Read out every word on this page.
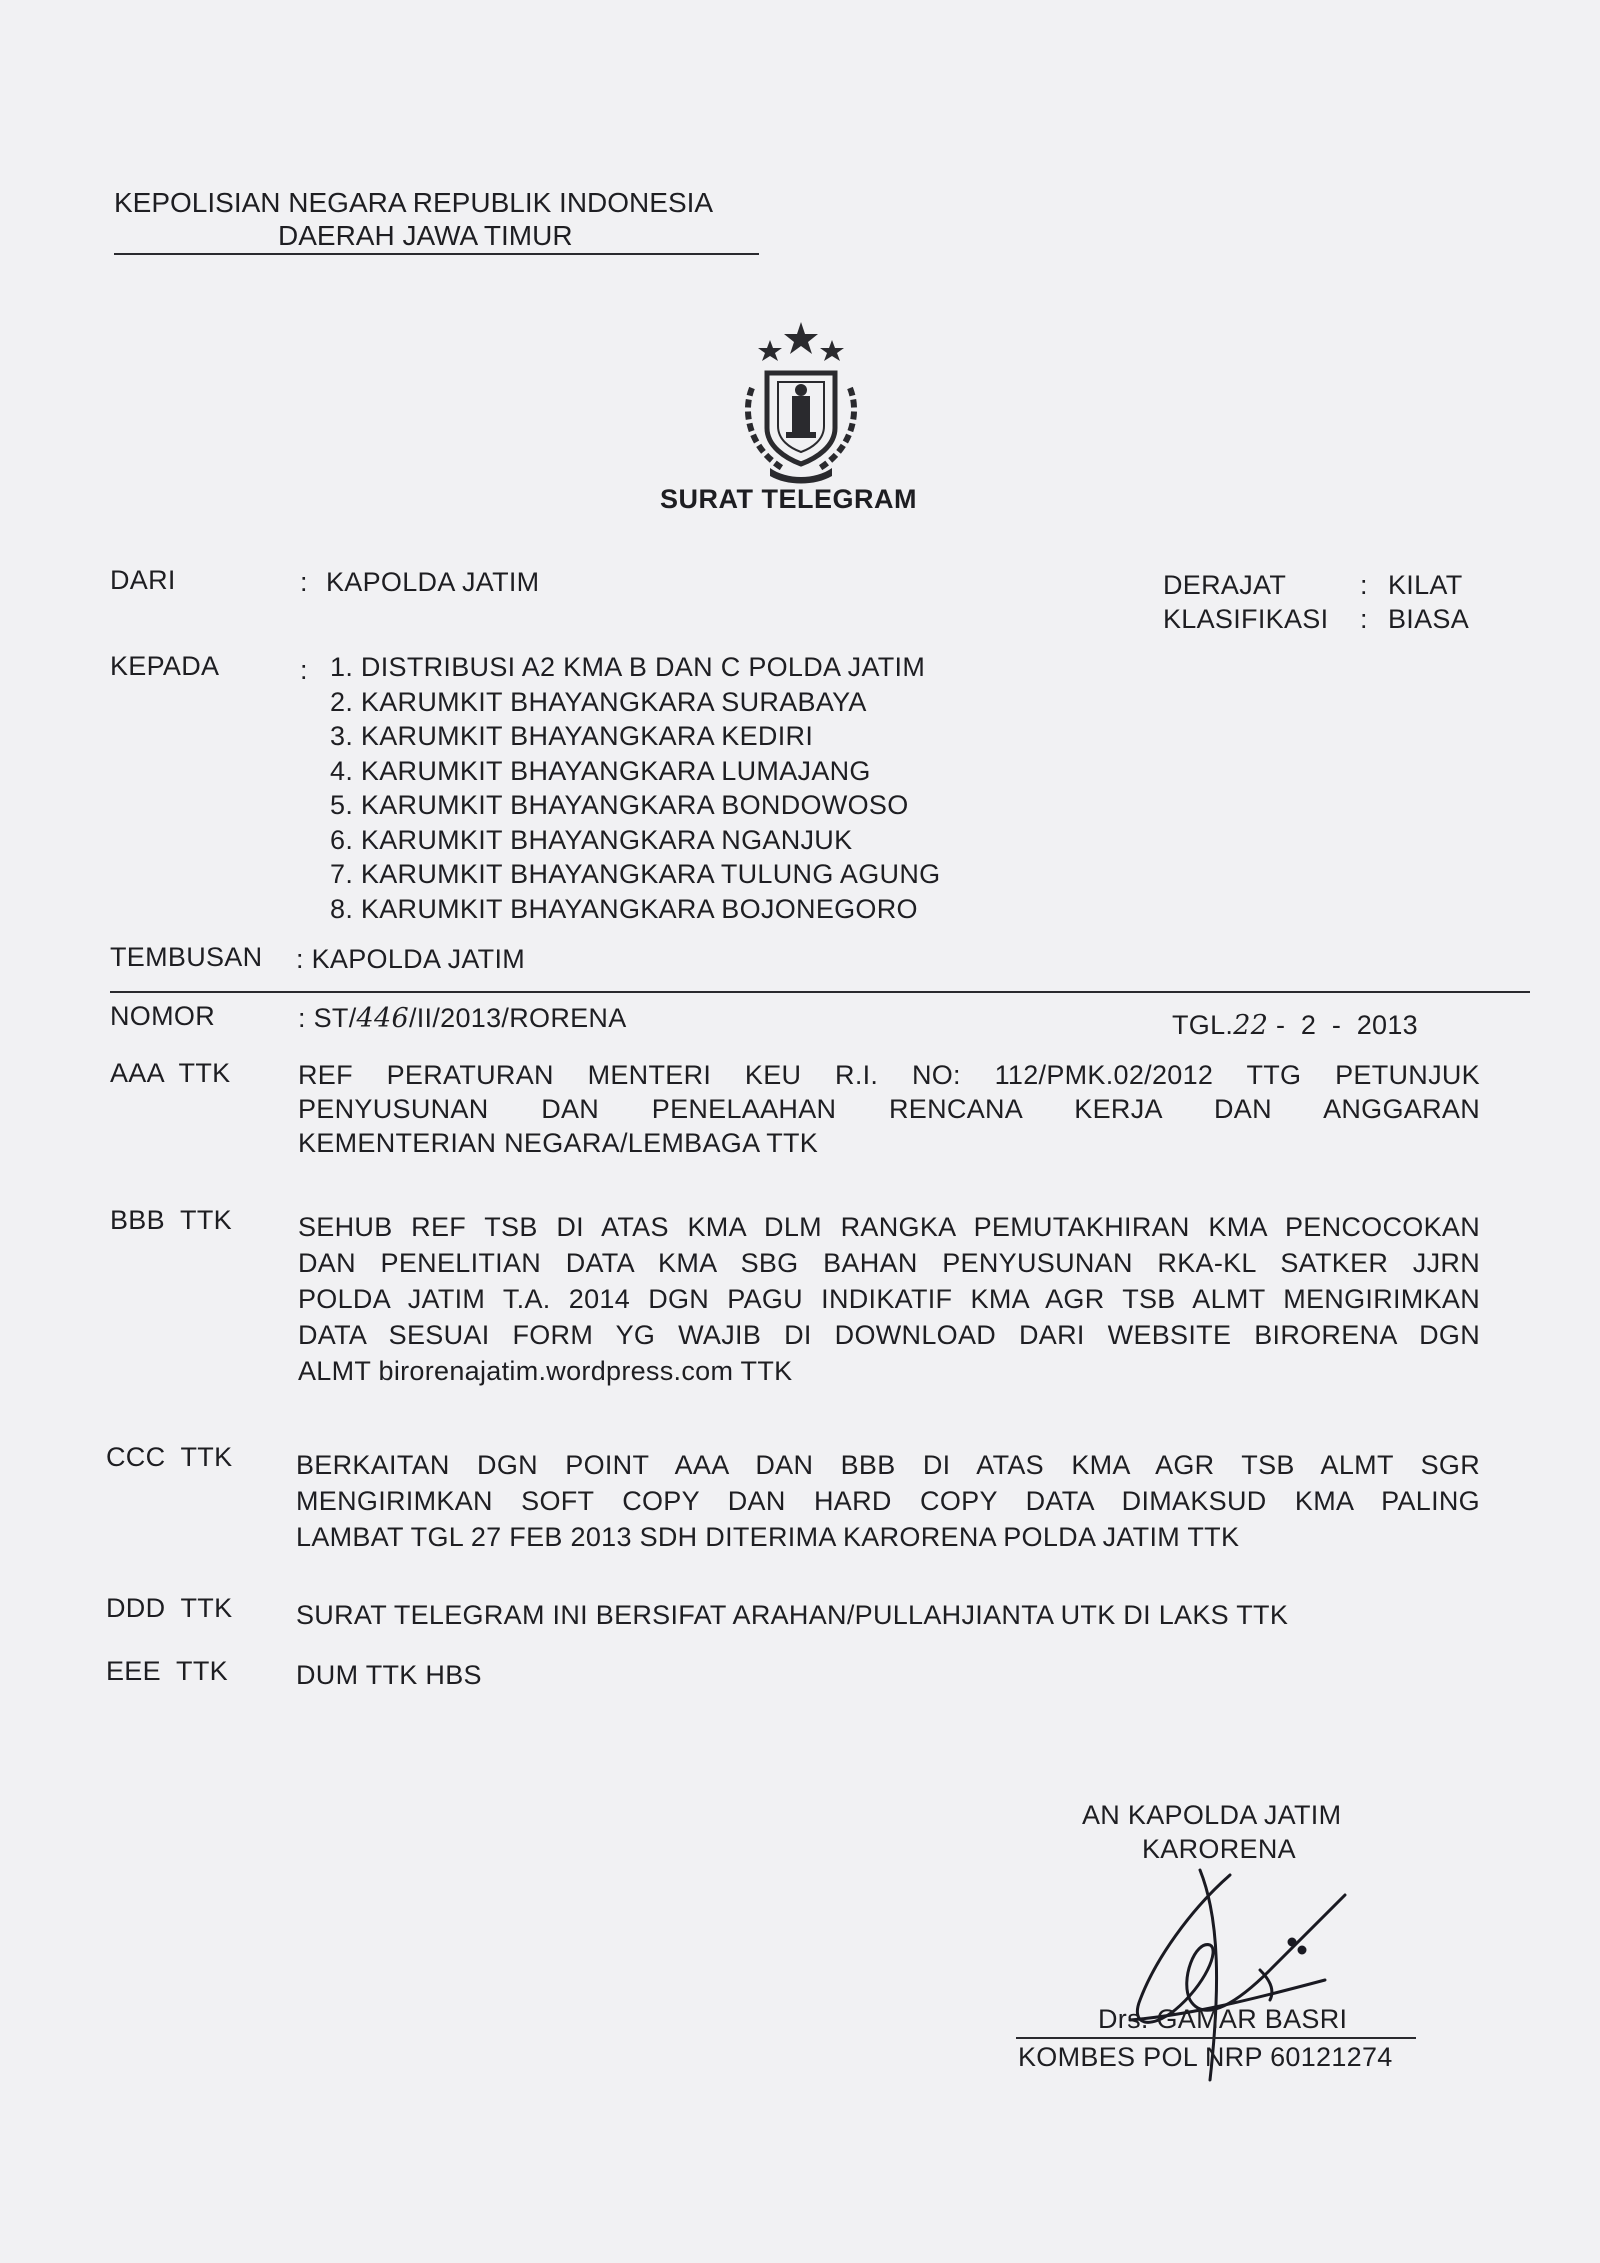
KEPOLISIAN NEGARA REPUBLIK INDONESIA
DAERAH JAWA TIMUR
SURAT TELEGRAM
DARI	: KAPOLDA JATIM	DERAJAT	: KILAT
KLASIFIKASI : BIASA
KEPADA	: 1. DISTRIBUSI A2 KMA B DAN C POLDA JATIM
2. KARUMKIT BHAYANGKARA SURABAYA
3. KARUMKIT BHAYANGKARA KEDIRI
4. KARUMKIT BHAYANGKARA LUMAJANG
5. KARUMKIT BHAYANGKARA BONDOWOSO
6. KARUMKIT BHAYANGKARA NGANJUK
7. KARUMKIT BHAYANGKARA TULUNG AGUNG
8. KARUMKIT BHAYANGKARA BOJONEGORO
TEMBUSAN : KAPOLDA JATIM
NOMOR	: ST/446/II/2013/RORENA	TGL.22 -  2  -  2013
AAA  TTK	REF PERATURAN MENTERI KEU R.I. NO: 112/PMK.02/2012 TTG PETUNJUK
PENYUSUNAN DAN PENELAAHAN RENCANA KERJA DAN ANGGARAN
KEMENTERIAN NEGARA/LEMBAGA TTK
BBB  TTK SEHUB REF TSB DI ATAS KMA DLM RANGKA PEMUTAKHIRAN KMA PENCOCOKAN
DAN PENELITIAN DATA KMA SBG BAHAN PENYUSUNAN RKA-KL SATKER JJRN
POLDA JATIM T.A. 2014 DGN PAGU INDIKATIF KMA AGR TSB ALMT MENGIRIMKAN
DATA SESUAI FORM YG WAJIB DI DOWNLOAD DARI WEBSITE BIRORENA DGN
ALMT birorenajatim.wordpress.com TTK
CCC  TTK BERKAITAN DGN POINT AAA DAN BBB DI ATAS KMA AGR TSB ALMT SGR
MENGIRIMKAN SOFT COPY DAN HARD COPY DATA DIMAKSUD KMA PALING
LAMBAT TGL 27 FEB 2013 SDH DITERIMA KARORENA POLDA JATIM TTK
DDD  TTK SURAT TELEGRAM INI BERSIFAT ARAHAN/PULLAHJIANTA UTK DI LAKS TTK
EEE  TTK	DUM TTK HBS
AN KAPOLDA JATIM
KARORENA
Drs. GAMAR BASRI
KOMBES POL NRP 60121274
